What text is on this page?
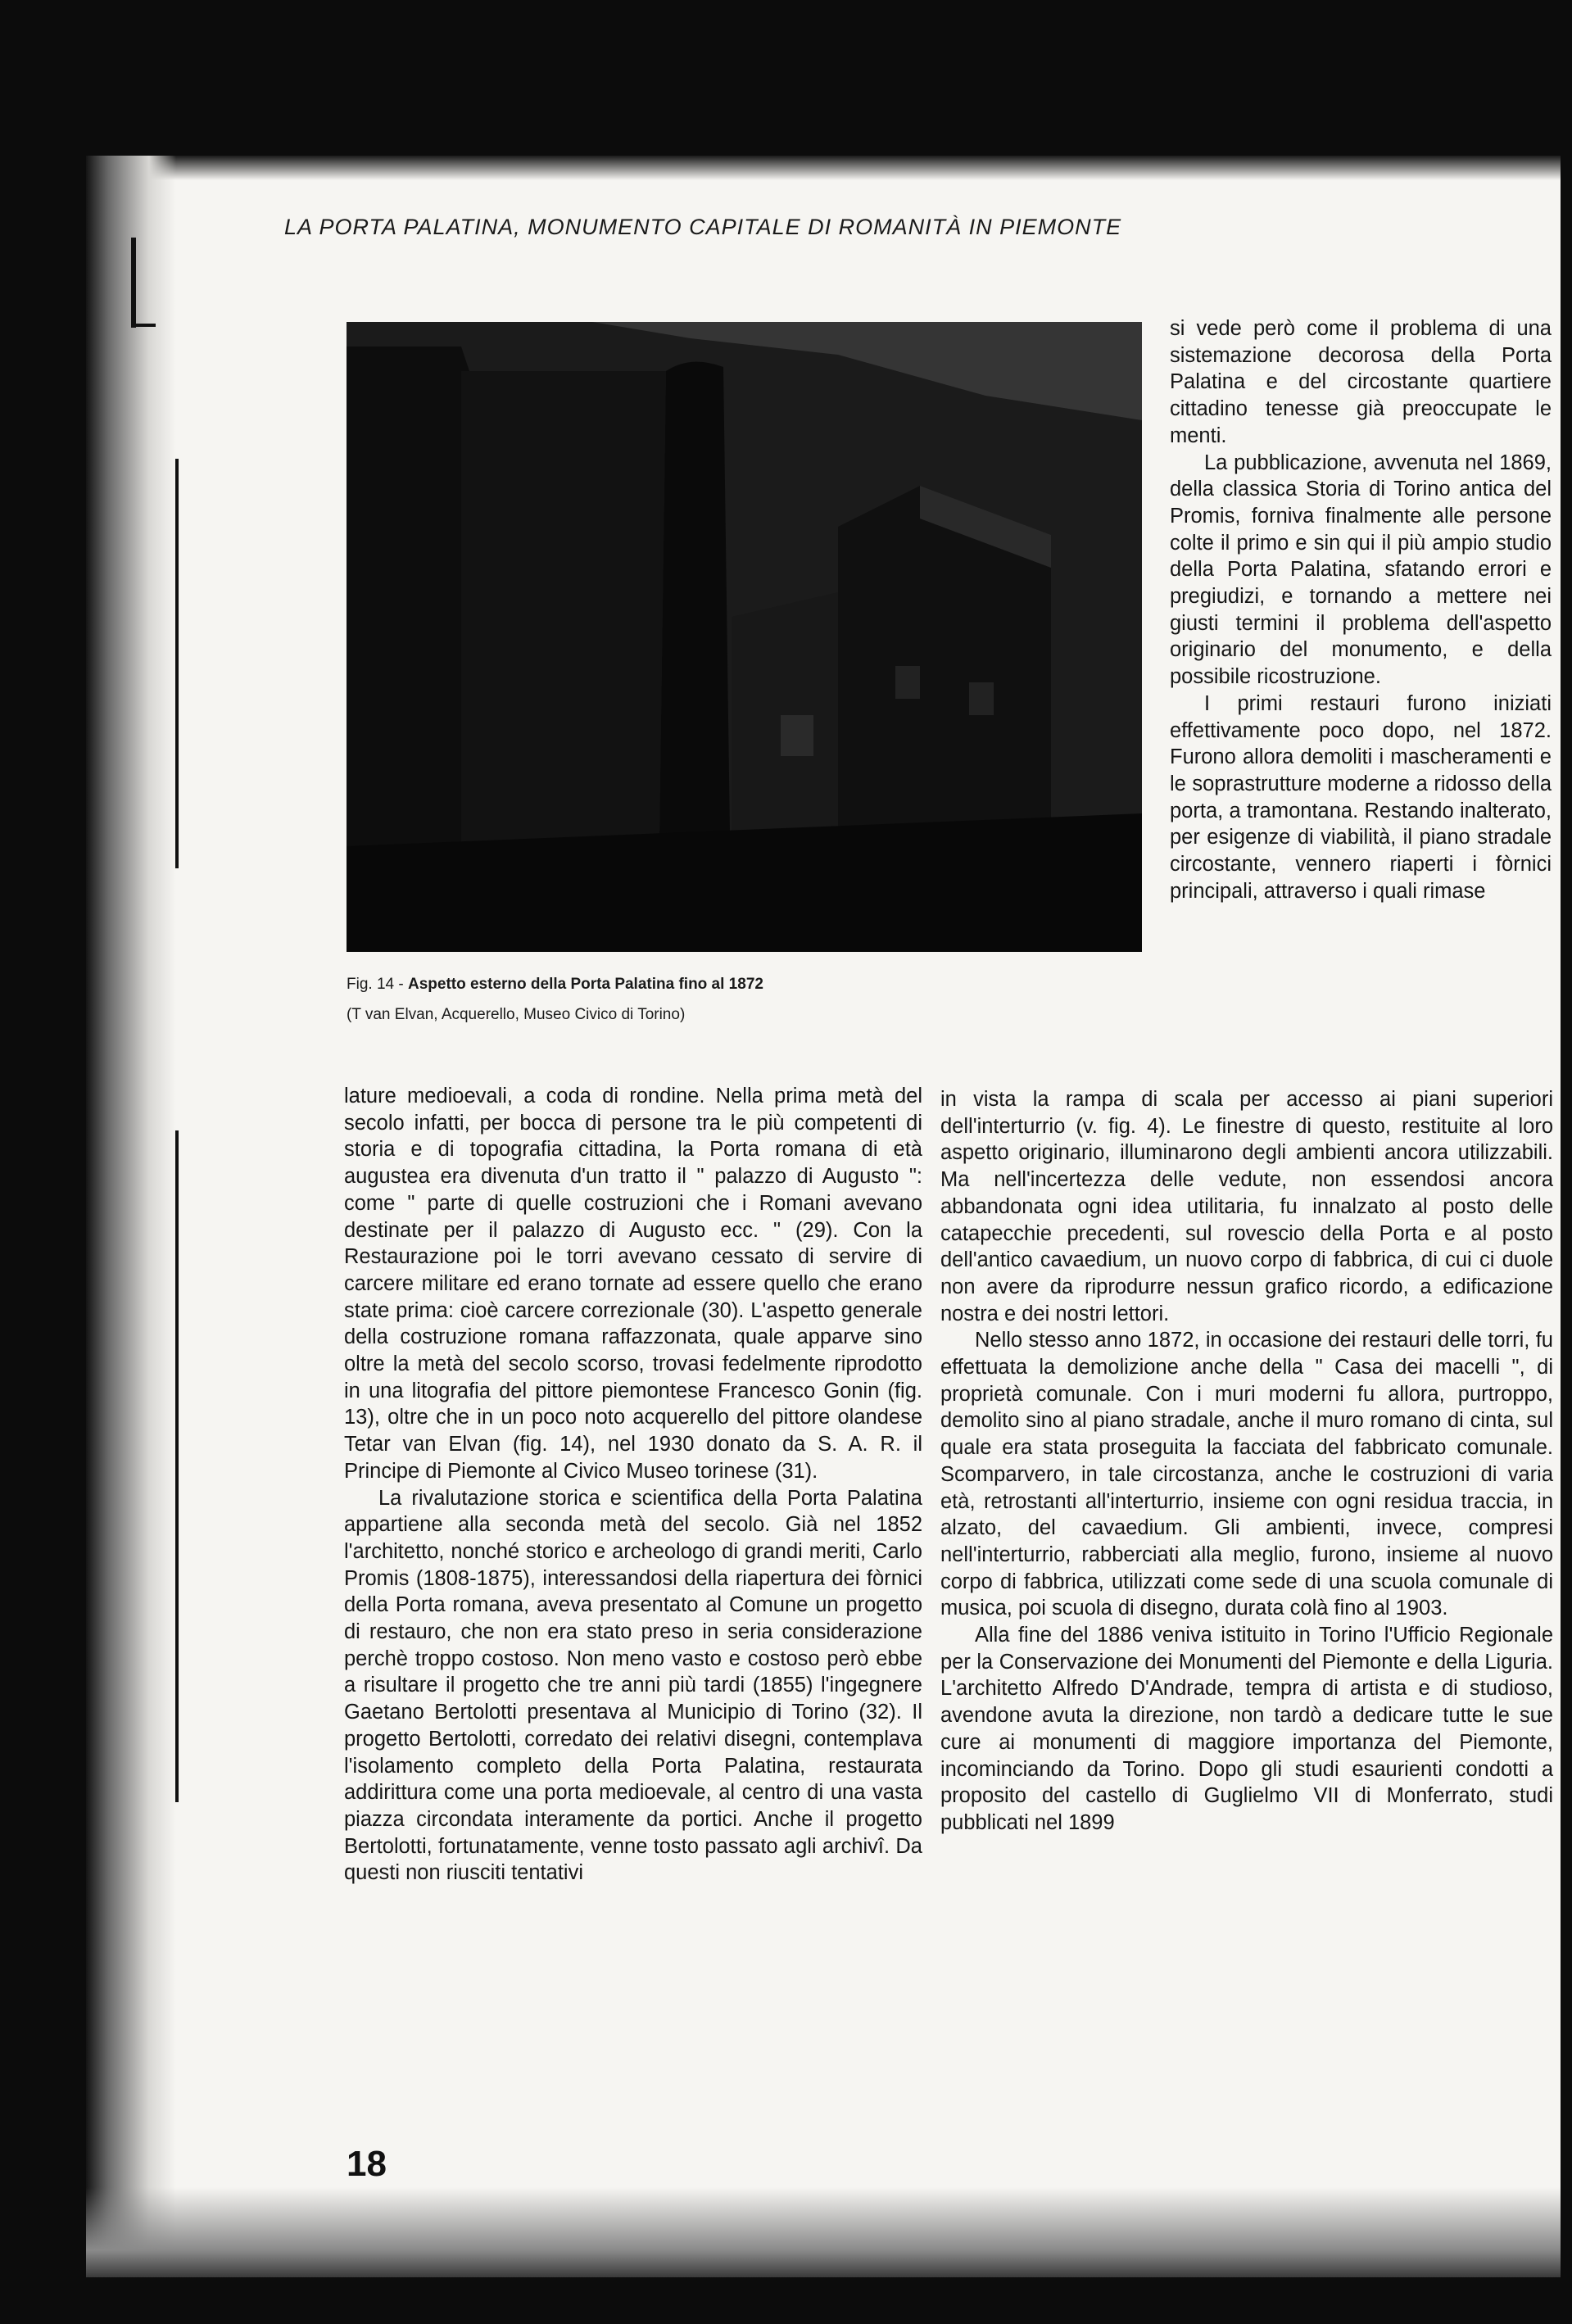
LA PORTA PALATINA, MONUMENTO CAPITALE DI ROMANITÀ IN PIEMONTE
Fig. 14 - Aspetto esterno della Porta Palatina fino al 1872
(T van Elvan, Acquerello, Museo Civico di Torino)

lature medioevali, a coda di rondine. Nella prima metà del secolo infatti, per bocca di persone tra le più competenti di storia e di topografia cittadina, la Porta romana di età augustea era divenuta d'un tratto il " palazzo di Augusto ": come " parte di quelle costruzioni che i Romani avevano destinate per il palazzo di Augusto ecc. " (29). Con la Restaurazione poi le torri avevano cessato di servire di carcere militare ed erano tornate ad essere quello che erano state prima: cioè carcere correzionale (30). L'aspetto generale della costruzione romana raffazzonata, quale apparve sino oltre la metà del secolo scorso, trovasi fedelmente riprodotto in una litografia del pittore piemontese Francesco Gonin (fig. 13), oltre che in un poco noto acquerello del pittore olandese Tetar van Elvan (fig. 14), nel 1930 donato da S. A. R. il Principe di Piemonte al Civico Museo torinese (31).

La rivalutazione storica e scientifica della Porta Palatina appartiene alla seconda metà del secolo. Già nel 1852 l'architetto, nonché storico e archeologo di grandi meriti, Carlo Promis (1808-1875), interessandosi della riapertura dei fòrnici della Porta romana, aveva presentato al Comune un progetto di restauro, che non era stato preso in seria considerazione perchè troppo costoso. Non meno vasto e costoso però ebbe a risultare il progetto che tre anni più tardi (1855) l'ingegnere Gaetano Bertolotti presentava al Municipio di Torino (32). Il progetto Bertolotti, corredato dei relativi disegni, contemplava l'isolamento completo della Porta Palatina, restaurata addirittura come una porta medioevale, al centro di una vasta piazza circondata interamente da portici. Anche il progetto Bertolotti, fortunatamente, venne tosto passato agli archivî. Da questi non riusciti tentativi

si vede però come il problema di una sistemazione decorosa della Porta Palatina e del circostante quartiere cittadino tenesse già preoccupate le menti.

La pubblicazione, avvenuta nel 1869, della classica Storia di Torino antica del Promis, forniva finalmente alle persone colte il primo e sin qui il più ampio studio della Porta Palatina, sfatando errori e pregiudizi, e tornando a mettere nei giusti termini il problema dell'aspetto originario del monumento, e della possibile ricostruzione.

I primi restauri furono iniziati effettivamente poco dopo, nel 1872. Furono allora demoliti i mascheramenti e le soprastrutture moderne a ridosso della porta, a tramontana. Restando inalterato, per esigenze di viabilità, il piano stradale circostante, vennero riaperti i fòrnici principali, attraverso i quali rimase

in vista la rampa di scala per accesso ai piani superiori dell'interturrio (v. fig. 4). Le finestre di questo, restituite al loro aspetto originario, illuminarono degli ambienti ancora utilizzabili. Ma nell'incertezza delle vedute, non essendosi ancora abbandonata ogni idea utilitaria, fu innalzato al posto delle catapecchie precedenti, sul rovescio della Porta e al posto dell'antico cavaedium, un nuovo corpo di fabbrica, di cui ci duole non avere da riprodurre nessun grafico ricordo, a edificazione nostra e dei nostri lettori.

Nello stesso anno 1872, in occasione dei restauri delle torri, fu effettuata la demolizione anche della " Casa dei macelli ", di proprietà comunale. Con i muri moderni fu allora, purtroppo, demolito sino al piano stradale, anche il muro romano di cinta, sul quale era stata proseguita la facciata del fabbricato comunale. Scomparvero, in tale circostanza, anche le costruzioni di varia età, retrostanti all'interturrio, insieme con ogni residua traccia, in alzato, del cavaedium. Gli ambienti, invece, compresi nell'interturrio, rabberciati alla meglio, furono, insieme al nuovo corpo di fabbrica, utilizzati come sede di una scuola comunale di musica, poi scuola di disegno, durata colà fino al 1903.

Alla fine del 1886 veniva istituito in Torino l'Ufficio Regionale per la Conservazione dei Monumenti del Piemonte e della Liguria. L'architetto Alfredo D'Andrade, tempra di artista e di studioso, avendone avuta la direzione, non tardò a dedicare tutte le sue cure ai monumenti di maggiore importanza del Piemonte, incominciando da Torino. Dopo gli studi esaurienti condotti a proposito del castello di Guglielmo VII di Monferrato, studi pubblicati nel 1899

18
